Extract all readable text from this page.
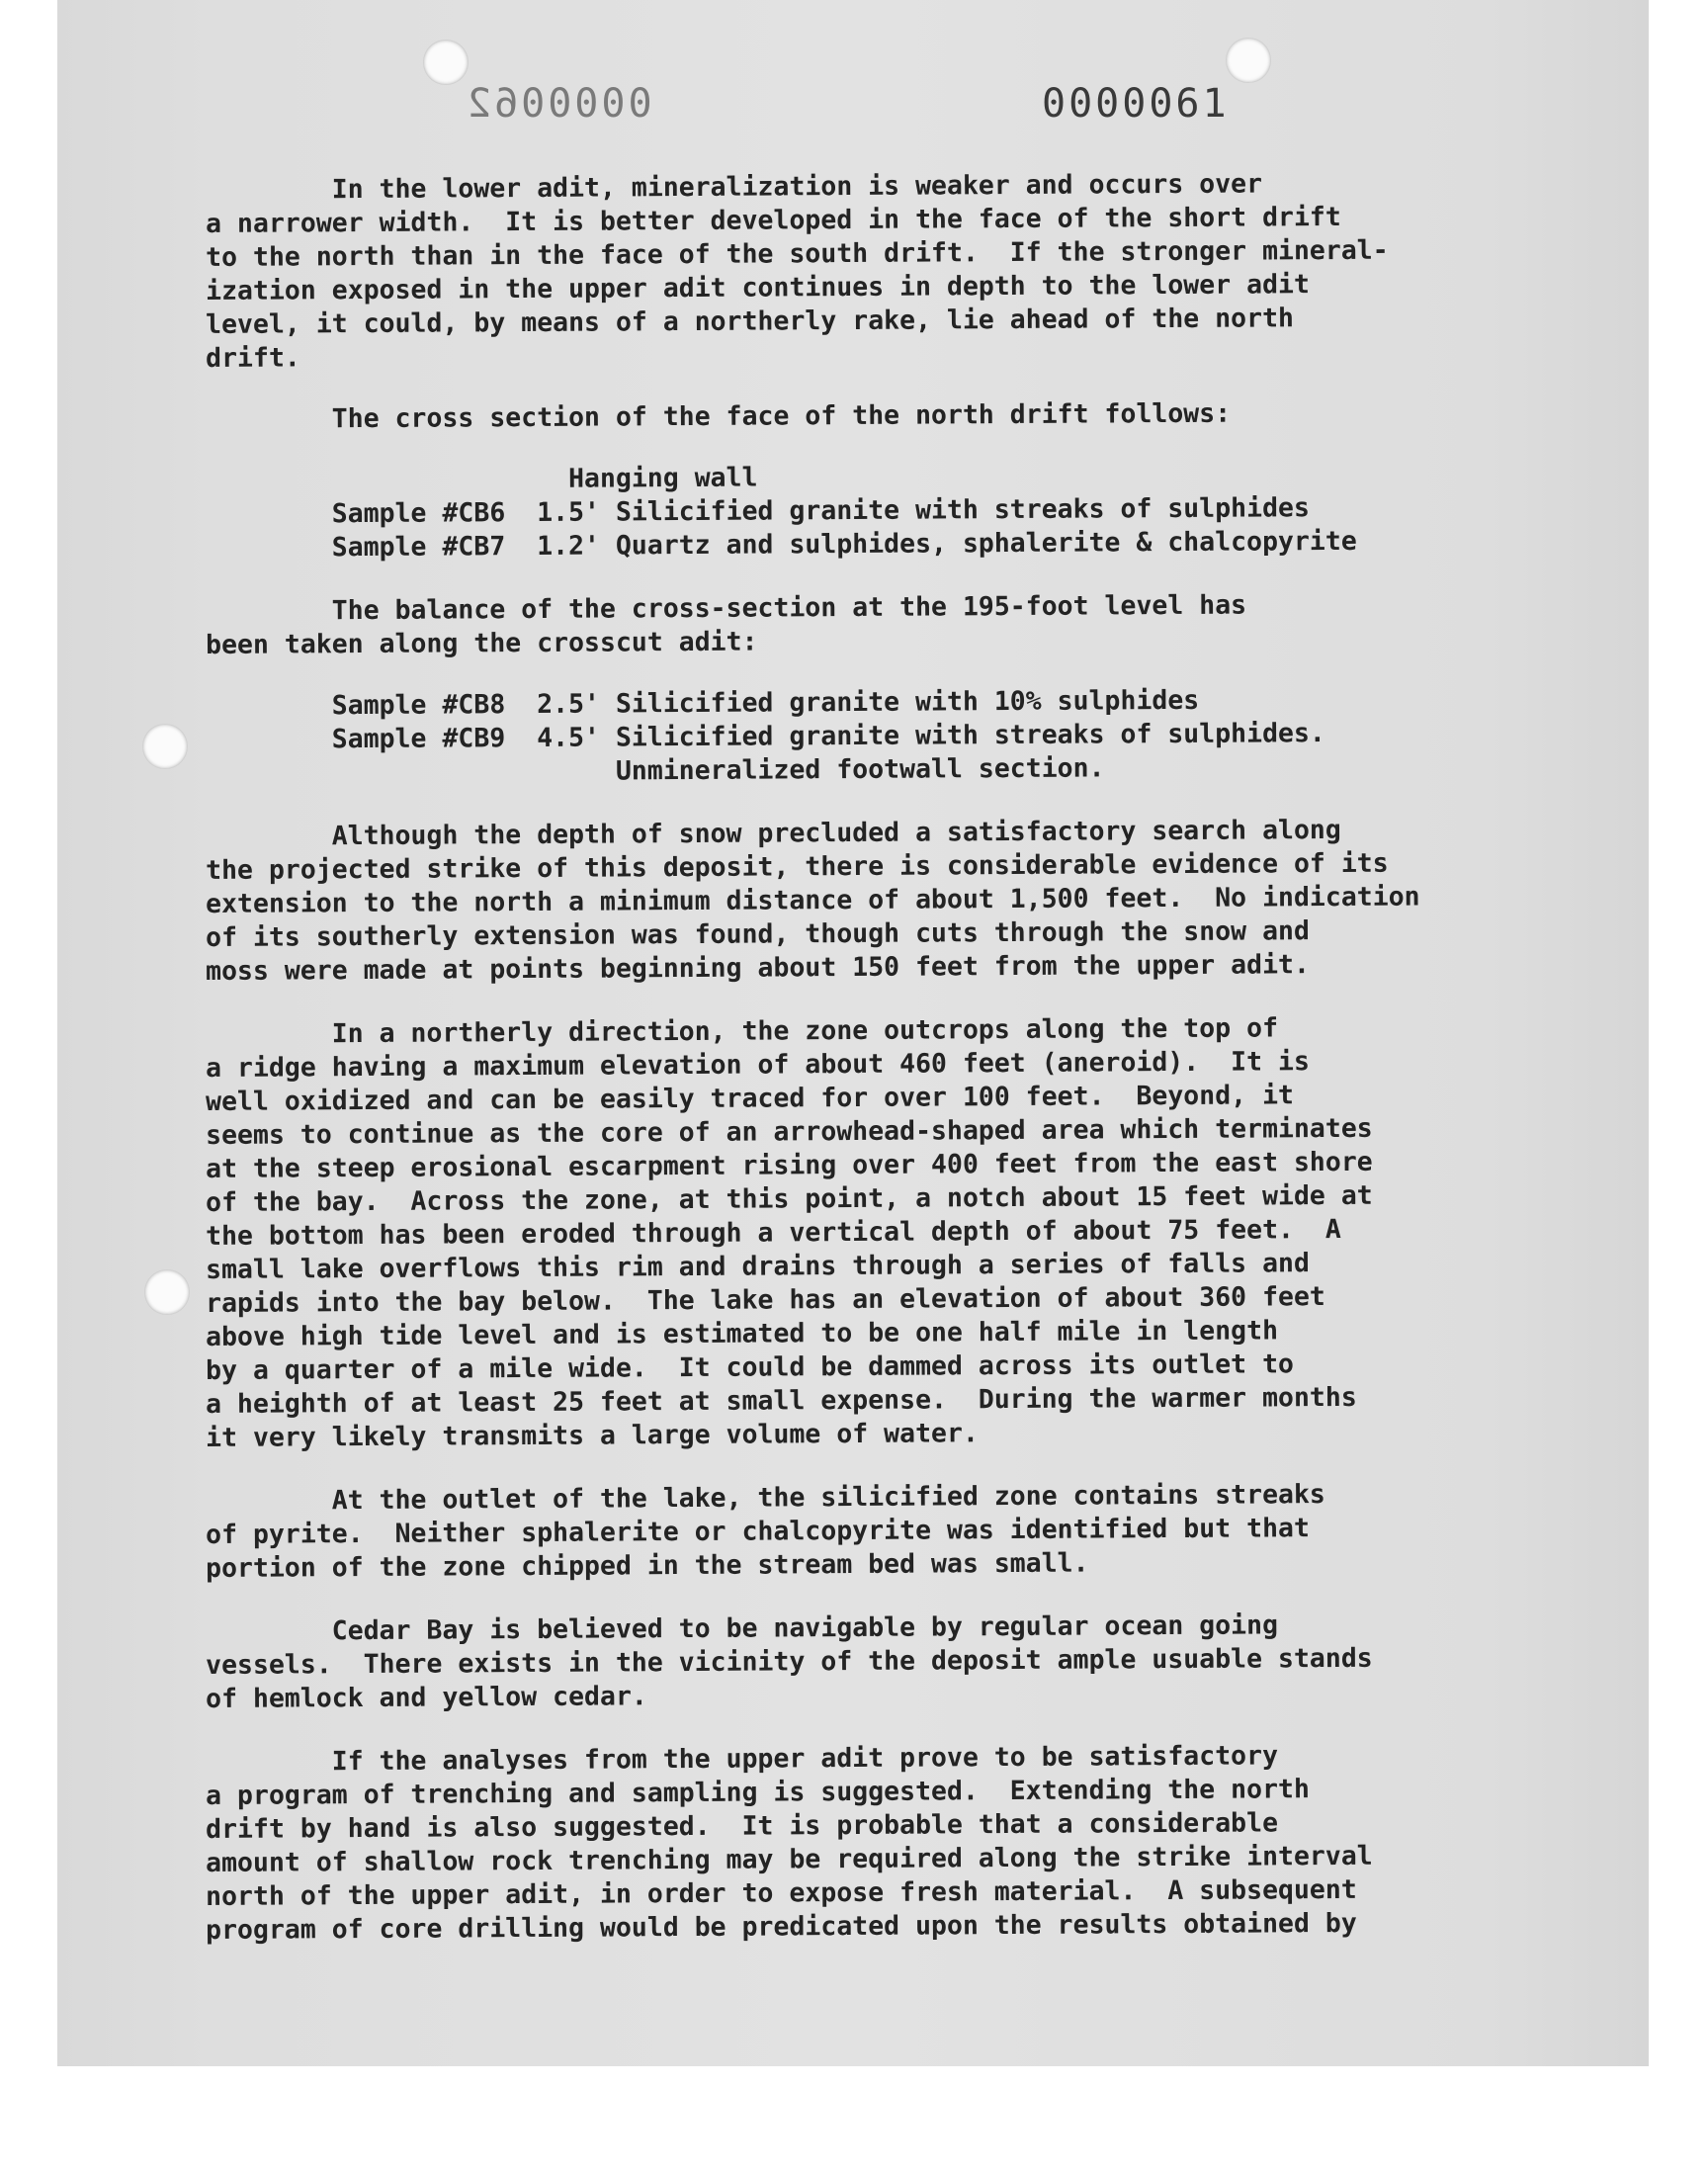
0000062	0000061
In the lower adit, mineralization is weaker and occurs over
a narrower width.  It is better developed in the face of the short drift
to the north than in the face of the south drift.  If the stronger mineral-
ization exposed in the upper adit continues in depth to the lower adit
level, it could, by means of a northerly rake, lie ahead of the north
drift.
The cross section of the face of the north drift follows:
Hanging wall
Sample #CB6  1.5' Silicified granite with streaks of sulphides
Sample #CB7  1.2' Quartz and sulphides, sphalerite & chalcopyrite
The balance of the cross-section at the 195-foot level has
been taken along the crosscut adit:
Sample #CB8  2.5' Silicified granite with 10% sulphides
Sample #CB9  4.5' Silicified granite with streaks of sulphides.
Unmineralized footwall section.
Although the depth of snow precluded a satisfactory search along
the projected strike of this deposit, there is considerable evidence of its
extension to the north a minimum distance of about 1,500 feet.  No indication
of its southerly extension was found, though cuts through the snow and
moss were made at points beginning about 150 feet from the upper adit.
In a northerly direction, the zone outcrops along the top of
a ridge having a maximum elevation of about 460 feet (aneroid).  It is
well oxidized and can be easily traced for over 100 feet.  Beyond, it
seems to continue as the core of an arrowhead-shaped area which terminates
at the steep erosional escarpment rising over 400 feet from the east shore
of the bay.  Across the zone, at this point, a notch about 15 feet wide at
the bottom has been eroded through a vertical depth of about 75 feet.  A
small lake overflows this rim and drains through a series of falls and
rapids into the bay below.  The lake has an elevation of about 360 feet
above high tide level and is estimated to be one half mile in length
by a quarter of a mile wide.  It could be dammed across its outlet to
a heighth of at least 25 feet at small expense.  During the warmer months
it very likely transmits a large volume of water.
At the outlet of the lake, the silicified zone contains streaks
of pyrite.  Neither sphalerite or chalcopyrite was identified but that
portion of the zone chipped in the stream bed was small.
Cedar Bay is believed to be navigable by regular ocean going
vessels.  There exists in the vicinity of the deposit ample usuable stands
of hemlock and yellow cedar.
If the analyses from the upper adit prove to be satisfactory
a program of trenching and sampling is suggested.  Extending the north
drift by hand is also suggested.  It is probable that a considerable
amount of shallow rock trenching may be required along the strike interval
north of the upper adit, in order to expose fresh material.  A subsequent
program of core drilling would be predicated upon the results obtained by
